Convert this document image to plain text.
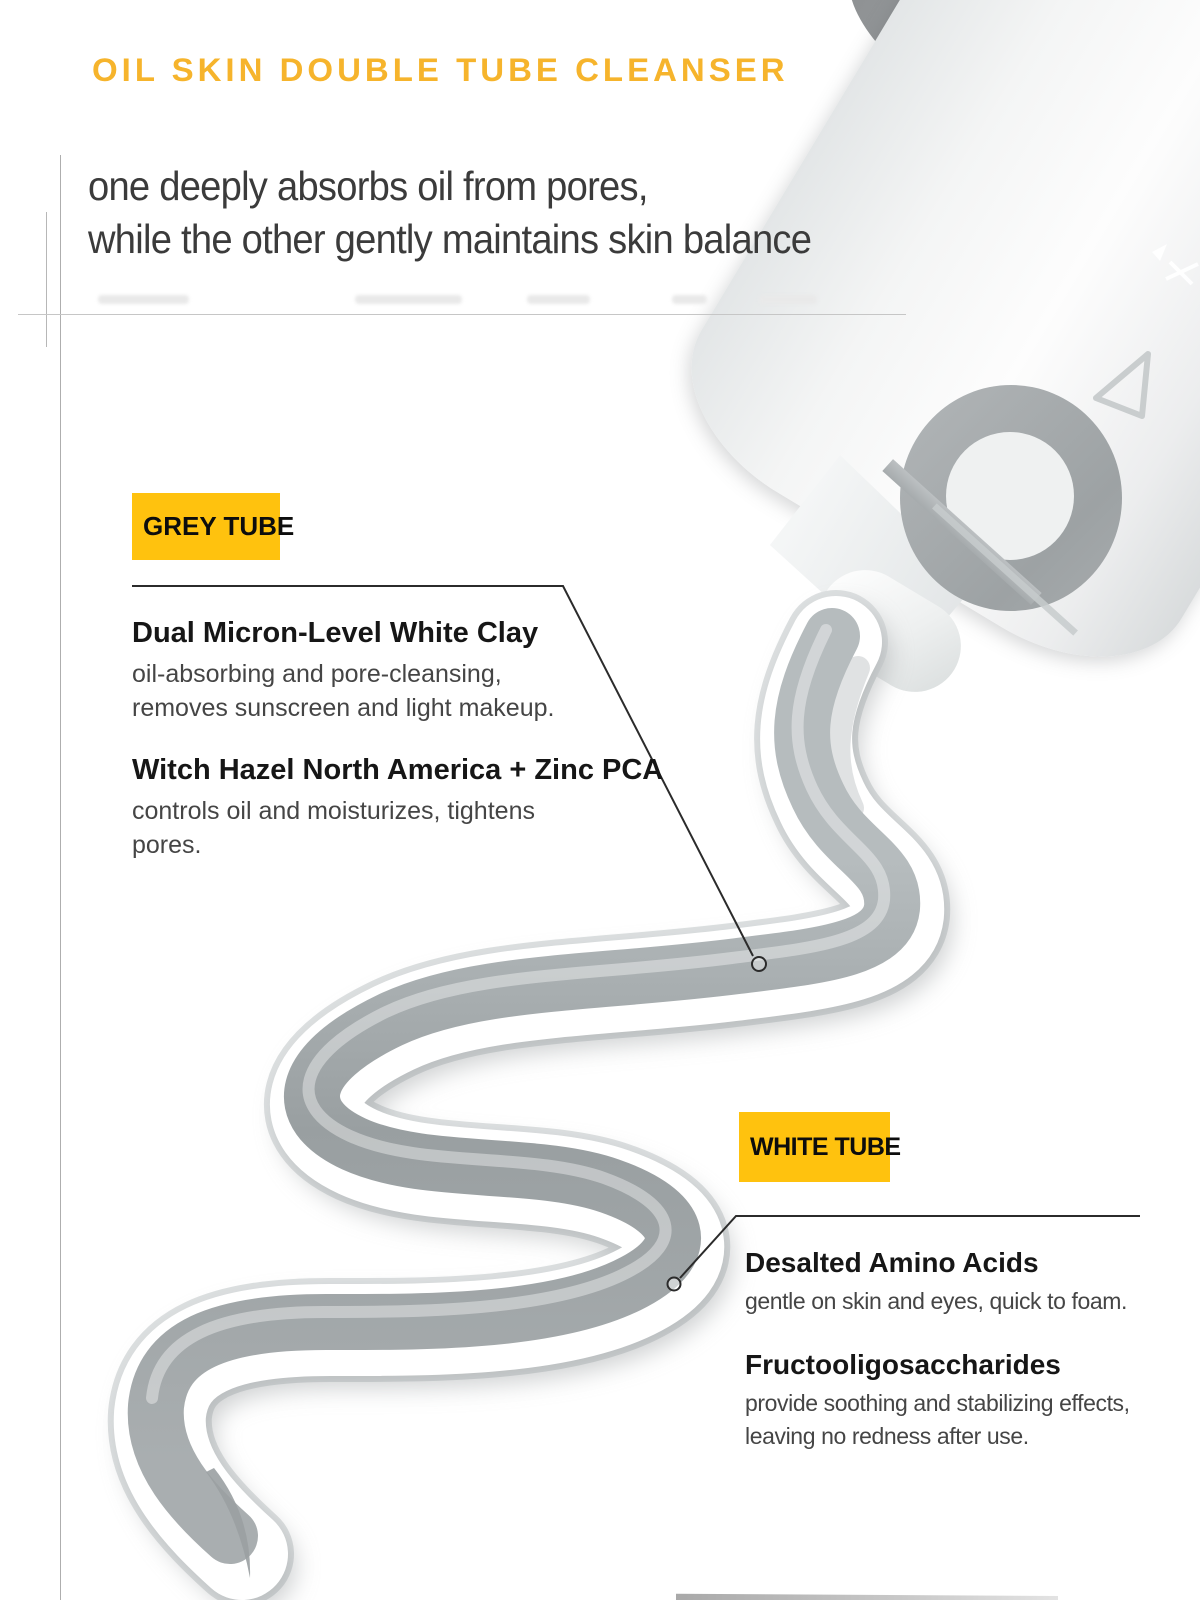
OIL SKIN DOUBLE TUBE CLEANSER
one deeply absorbs oil from pores,
while the other gently maintains skin balance
GREY TUBE
Dual Micron-Level White Clay

oil-absorbing and pore-cleansing,

removes sunscreen and light makeup.

Witch Hazel North America + Zinc PCA

controls oil and moisturizes, tightens

pores.

WHITE TUBE
Desalted Amino Acids

gentle on skin and eyes, quick to foam.

Fructooligosaccharides

provide soothing and stabilizing effects,

leaving no redness after use.
